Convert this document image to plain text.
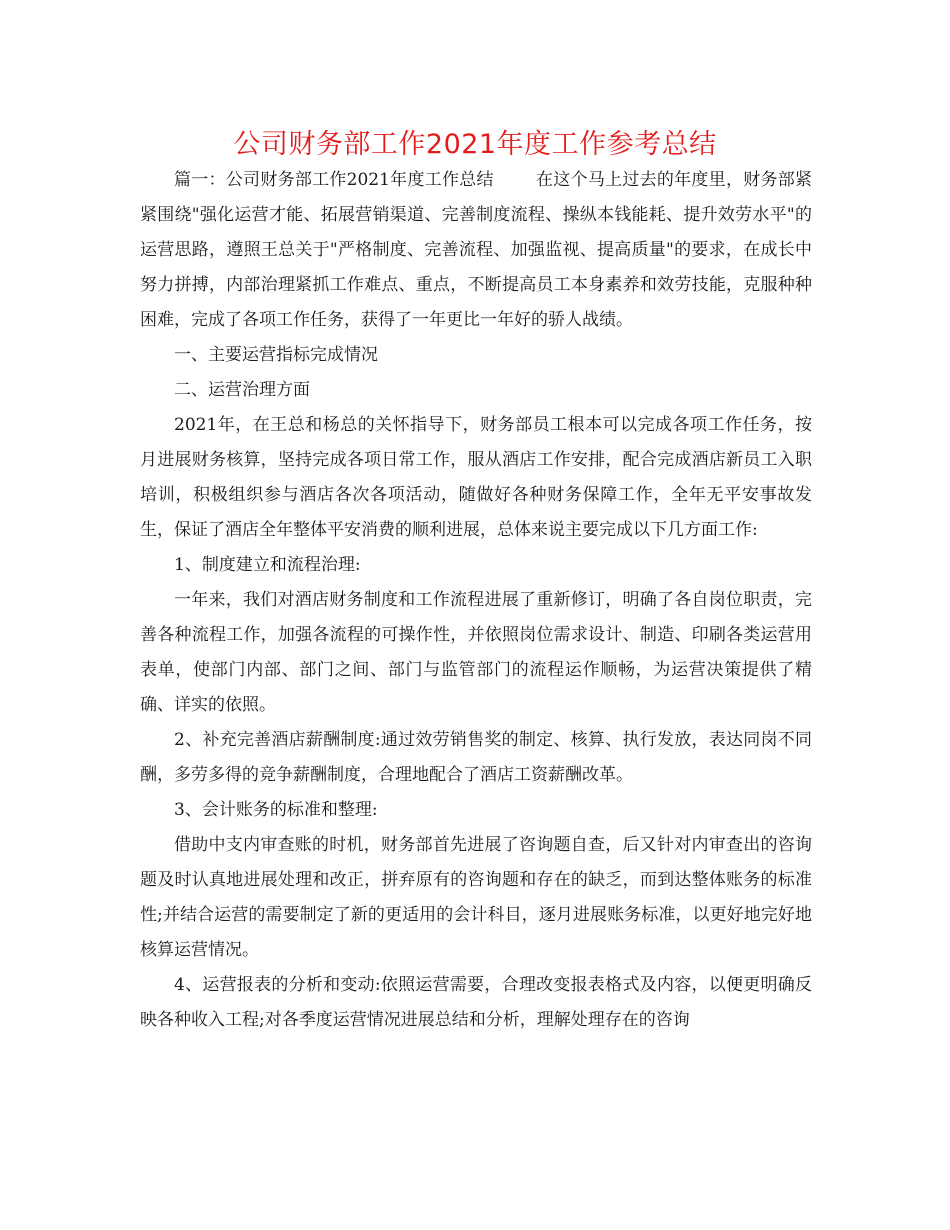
公司财务部工作2021年度工作参考总结

篇一：公司财务部工作2021年度工作总结 在这个马上过去的年度里，财务部紧紧围绕"强化运营才能、拓展营销渠道、完善制度流程、操纵本钱能耗、提升效劳水平"的运营思路，遵照王总关于"严格制度、完善流程、加强监视、提高质量"的要求，在成长中努力拼搏，内部治理紧抓工作难点、重点，不断提高员工本身素养和效劳技能，克服种种困难，完成了各项工作任务，获得了一年更比一年好的骄人战绩。

一、主要运营指标完成情况

二、运营治理方面

2021年，在王总和杨总的关怀指导下，财务部员工根本可以完成各项工作任务，按月进展财务核算，坚持完成各项日常工作，服从酒店工作安排，配合完成酒店新员工入职培训，积极组织参与酒店各次各项活动，随做好各种财务保障工作，全年无平安事故发生，保证了酒店全年整体平安消费的顺利进展，总体来说主要完成以下几方面工作:

1、制度建立和流程治理:

一年来，我们对酒店财务制度和工作流程进展了重新修订，明确了各自岗位职责，完善各种流程工作，加强各流程的可操作性，并依照岗位需求设计、制造、印刷各类运营用表单，使部门内部、部门之间、部门与监管部门的流程运作顺畅，为运营决策提供了精确、详实的依照。

2、补充完善酒店薪酬制度:通过效劳销售奖的制定、核算、执行发放，表达同岗不同酬，多劳多得的竞争薪酬制度，合理地配合了酒店工资薪酬改革。

3、会计账务的标准和整理:

借助中支内审查账的时机，财务部首先进展了咨询题自查，后又针对内审查出的咨询题及时认真地进展处理和改正，拼弃原有的咨询题和存在的缺乏，而到达整体账务的标准性;并结合运营的需要制定了新的更适用的会计科目，逐月进展账务标准，以更好地完好地核算运营情况。

4、运营报表的分析和变动:依照运营需要，合理改变报表格式及内容，以便更明确反映各种收入工程;对各季度运营情况进展总结和分析，理解处理存在的咨询
